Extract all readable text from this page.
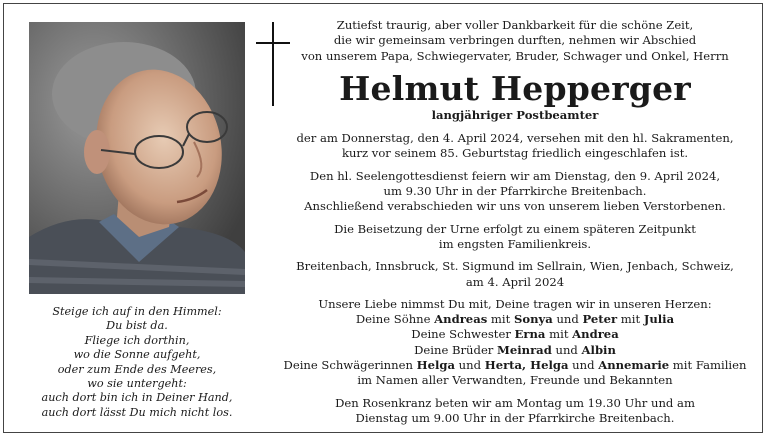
Zutiefst traurig, aber voller Dankbarkeit für die schöne Zeit,

die wir gemeinsam verbringen durften, nehmen wir Abschied

von unserem Papa, Schwiegervater, Bruder, Schwager und Onkel, Herrn

Helmut Hepperger

langjähriger Postbeamter

der am Donnerstag, den 4. April 2024, versehen mit den hl. Sakramenten,

kurz vor seinem 85. Geburtstag friedlich eingeschlafen ist.

Den hl. Seelengottesdienst feiern wir am Dienstag, den 9. April 2024,

um 9.30 Uhr in der Pfarrkirche Breitenbach.

Anschließend verabschieden wir uns von unserem lieben Verstorbenen.

Die Beisetzung der Urne erfolgt zu einem späteren Zeitpunkt

im engsten Familienkreis.

Breitenbach, Innsbruck, St. Sigmund im Sellrain, Wien, Jenbach, Schweiz,

am 4. April 2024

Unsere Liebe nimmst Du mit, Deine tragen wir in unseren Herzen:

Deine Söhne Andreas mit Sonya und Peter mit Julia

Deine Schwester Erna mit Andrea

Deine Brüder Meinrad und Albin

Deine Schwägerinnen Helga und Herta, Helga und Annemarie mit Familien

im Namen aller Verwandten, Freunde und Bekannten

Den Rosenkranz beten wir am Montag um 19.30 Uhr und am

Dienstag um 9.00 Uhr in der Pfarrkirche Breitenbach.

Steige ich auf in den Himmel:
Du bist da.
Fliege ich dorthin,
wo die Sonne aufgeht,
oder zum Ende des Meeres,
wo sie untergeht:
auch dort bin ich in Deiner Hand,
auch dort lässt Du mich nicht los.
